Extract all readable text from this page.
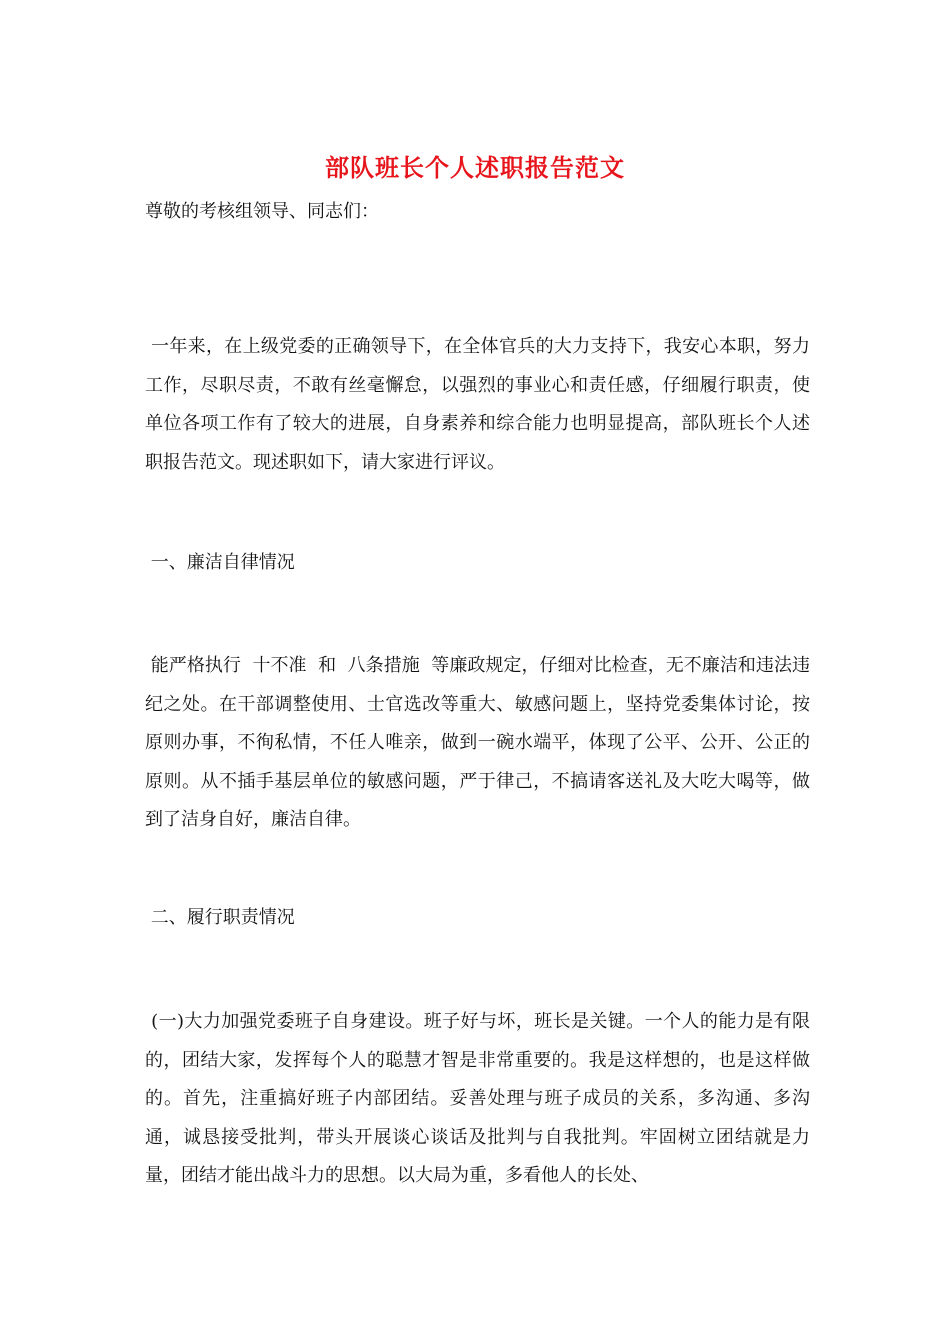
部队班长个人述职报告范文

尊敬的考核组领导、同志们：

一年来，在上级党委的正确领导下，在全体官兵的大力支持下，我安心本职，努力工作，尽职尽责，不敢有丝毫懈怠，以强烈的事业心和责任感，仔细履行职责，使单位各项工作有了较大的进展，自身素养和综合能力也明显提高，部队班长个人述职报告范文。现述职如下，请大家进行评议。

一、廉洁自律情况

能严格执行  十不准  和  八条措施  等廉政规定，仔细对比检查，无不廉洁和违法违纪之处。在干部调整使用、士官选改等重大、敏感问题上，坚持党委集体讨论，按原则办事，不徇私情，不任人唯亲，做到一碗水端平，体现了公平、公开、公正的原则。从不插手基层单位的敏感问题，严于律己，不搞请客送礼及大吃大喝等，做到了洁身自好，廉洁自律。

二、履行职责情况

(一)大力加强党委班子自身建设。班子好与坏，班长是关键。一个人的能力是有限的，团结大家，发挥每个人的聪慧才智是非常重要的。我是这样想的，也是这样做的。首先，注重搞好班子内部团结。妥善处理与班子成员的关系，多沟通、多沟通，诚恳接受批判，带头开展谈心谈话及批判与自我批判。牢固树立团结就是力量，团结才能出战斗力的思想。以大局为重，多看他人的长处、
